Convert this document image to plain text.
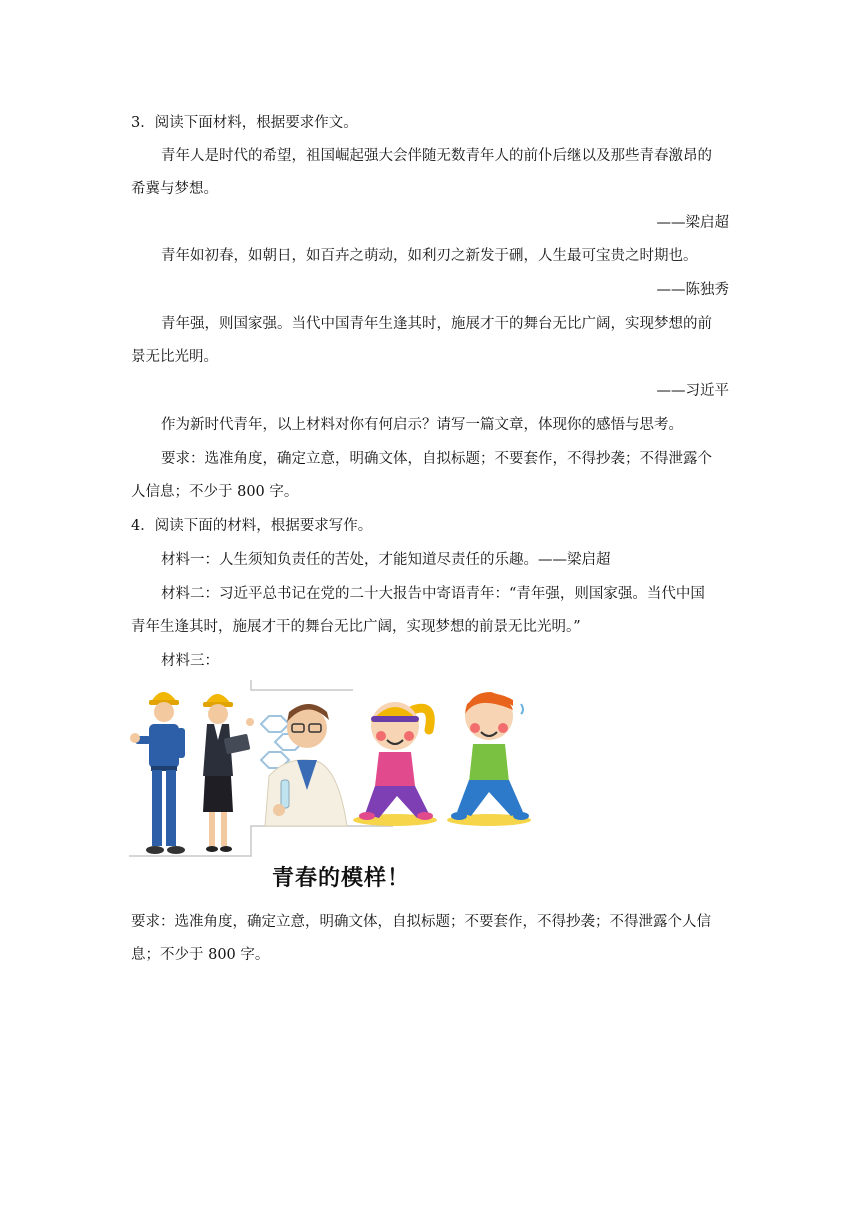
3．阅读下面材料，根据要求作文。
青年人是时代的希望，祖国崛起强大会伴随无数青年人的前仆后继以及那些青春激昂的
希冀与梦想。
——梁启超
青年如初春，如朝日，如百卉之萌动，如利刃之新发于硎，人生最可宝贵之时期也。
——陈独秀
青年强，则国家强。当代中国青年生逢其时，施展才干的舞台无比广阔，实现梦想的前
景无比光明。
——习近平
作为新时代青年，以上材料对你有何启示？请写一篇文章，体现你的感悟与思考。
要求：选准角度，确定立意，明确文体，自拟标题；不要套作，不得抄袭；不得泄露个
人信息；不少于 800 字。
4．阅读下面的材料，根据要求写作。
材料一：人生须知负责任的苦处，才能知道尽责任的乐趣。——梁启超
材料二：习近平总书记在党的二十大报告中寄语青年：“青年强，则国家强。当代中国
青年生逢其时，施展才干的舞台无比广阔，实现梦想的前景无比光明。”
材料三：
青春的模样！
要求：选准角度，确定立意，明确文体，自拟标题；不要套作，不得抄袭；不得泄露个人信
息；不少于 800 字。
